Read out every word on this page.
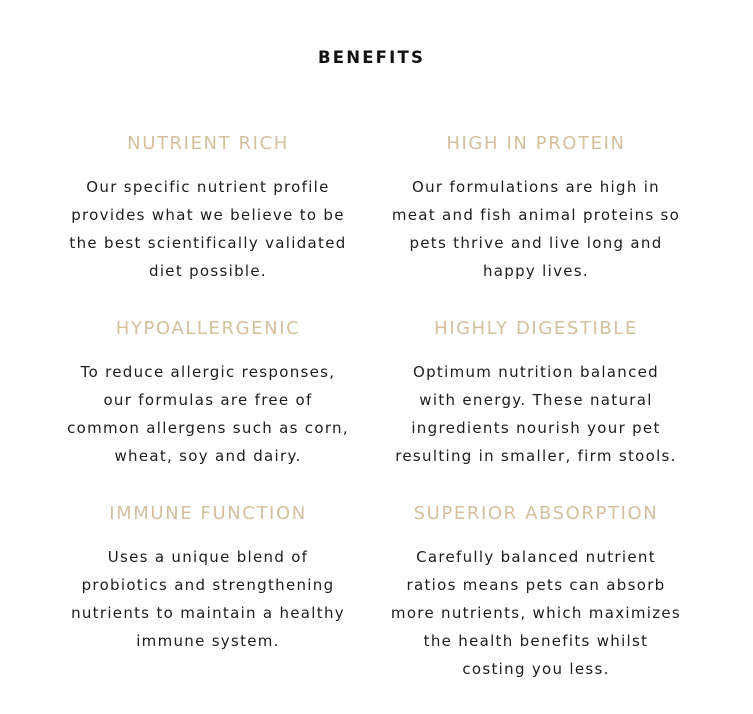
BENEFITS
NUTRIENT RICH
Our specific nutrient profile
provides what we believe to be
the best scientifically validated
diet possible.
HIGH IN PROTEIN
Our formulations are high in
meat and fish animal proteins so
pets thrive and live long and
happy lives.
HYPOALLERGENIC
To reduce allergic responses,
our formulas are free of
common allergens such as corn,
wheat, soy and dairy.
HIGHLY DIGESTIBLE
Optimum nutrition balanced
with energy. These natural
ingredients nourish your pet
resulting in smaller, firm stools.
IMMUNE FUNCTION
Uses a unique blend of
probiotics and strengthening
nutrients to maintain a healthy
immune system.
SUPERIOR ABSORPTION
Carefully balanced nutrient
ratios means pets can absorb
more nutrients, which maximizes
the health benefits whilst
costing you less.
